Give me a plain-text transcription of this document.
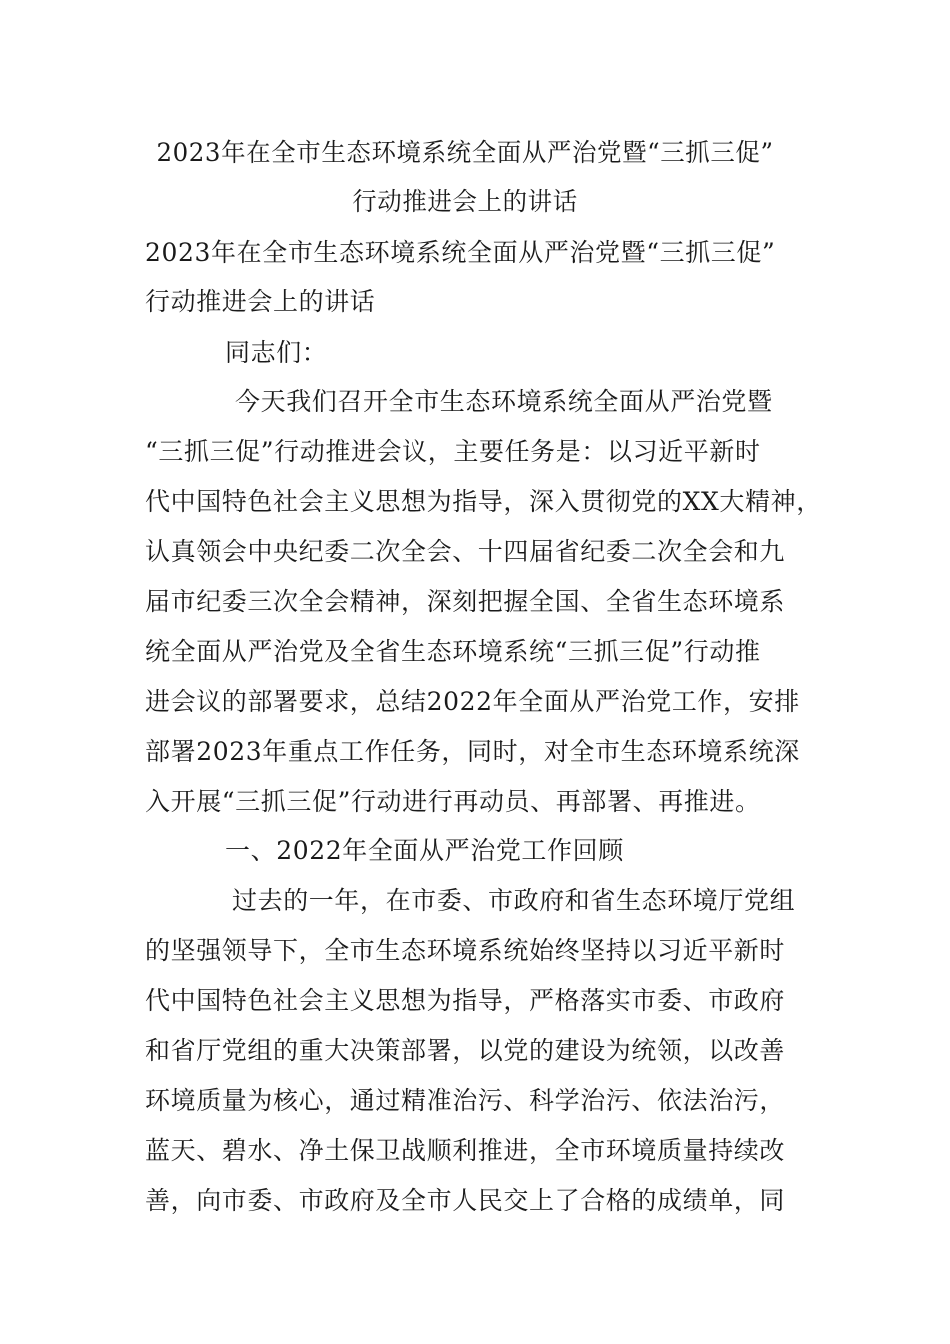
2023年在全市生态环境系统全面从严治党暨“三抓三促”
行动推进会上的讲话
2023年在全市生态环境系统全面从严治党暨“三抓三促”
行动推进会上的讲话
同志们：
今天我们召开全市生态环境系统全面从严治党暨
“三抓三促”行动推进会议，主要任务是：以习近平新时
代中国特色社会主义思想为指导，深入贯彻党的XX大精神，
认真领会中央纪委二次全会、十四届省纪委二次全会和九
届市纪委三次全会精神，深刻把握全国、全省生态环境系
统全面从严治党及全省生态环境系统“三抓三促”行动推
进会议的部署要求，总结2022年全面从严治党工作，安排
部署2023年重点工作任务，同时，对全市生态环境系统深
入开展“三抓三促”行动进行再动员、再部署、再推进。
一、2022年全面从严治党工作回顾
过去的一年，在市委、市政府和省生态环境厅党组
的坚强领导下，全市生态环境系统始终坚持以习近平新时
代中国特色社会主义思想为指导，严格落实市委、市政府
和省厅党组的重大决策部署，以党的建设为统领，以改善
环境质量为核心，通过精准治污、科学治污、依法治污，
蓝天、碧水、净土保卫战顺利推进，全市环境质量持续改
善，向市委、市政府及全市人民交上了合格的成绩单，同
